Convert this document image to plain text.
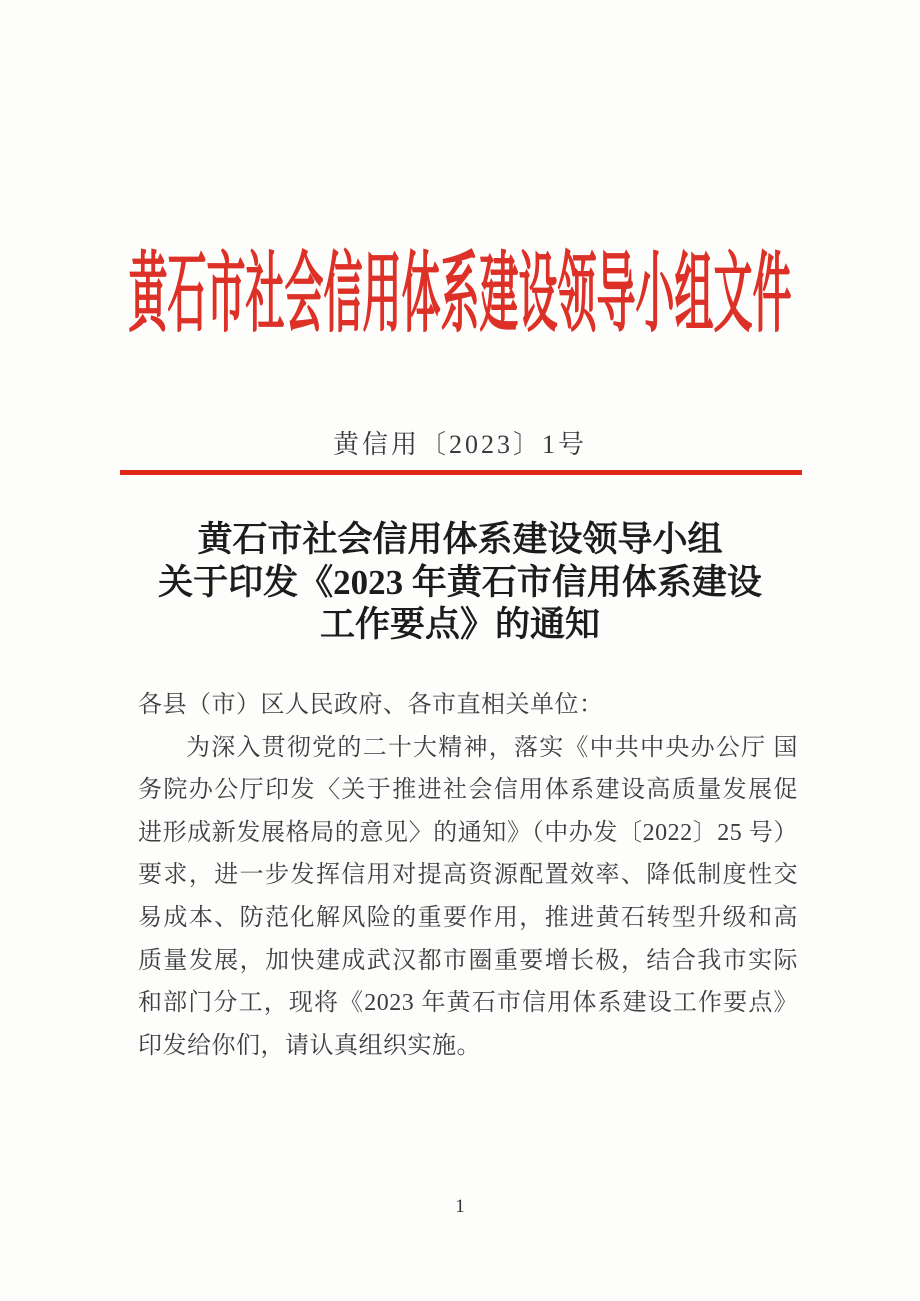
黄石市社会信用体系建设领导小组文件
黄信用〔2023〕1号
黄石市社会信用体系建设领导小组
关于印发《2023 年黄石市信用体系建设
工作要点》的通知
各县（市）区人民政府、各市直相关单位：
为深入贯彻党的二十大精神，落实《中共中央办公厅 国
务院办公厅印发〈关于推进社会信用体系建设高质量发展促
进形成新发展格局的意见〉的通知》（中办发〔2022〕25 号）
要求，进一步发挥信用对提高资源配置效率、降低制度性交
易成本、防范化解风险的重要作用，推进黄石转型升级和高
质量发展，加快建成武汉都市圈重要增长极，结合我市实际
和部门分工，现将《2023 年黄石市信用体系建设工作要点》
印发给你们，请认真组织实施。
1
